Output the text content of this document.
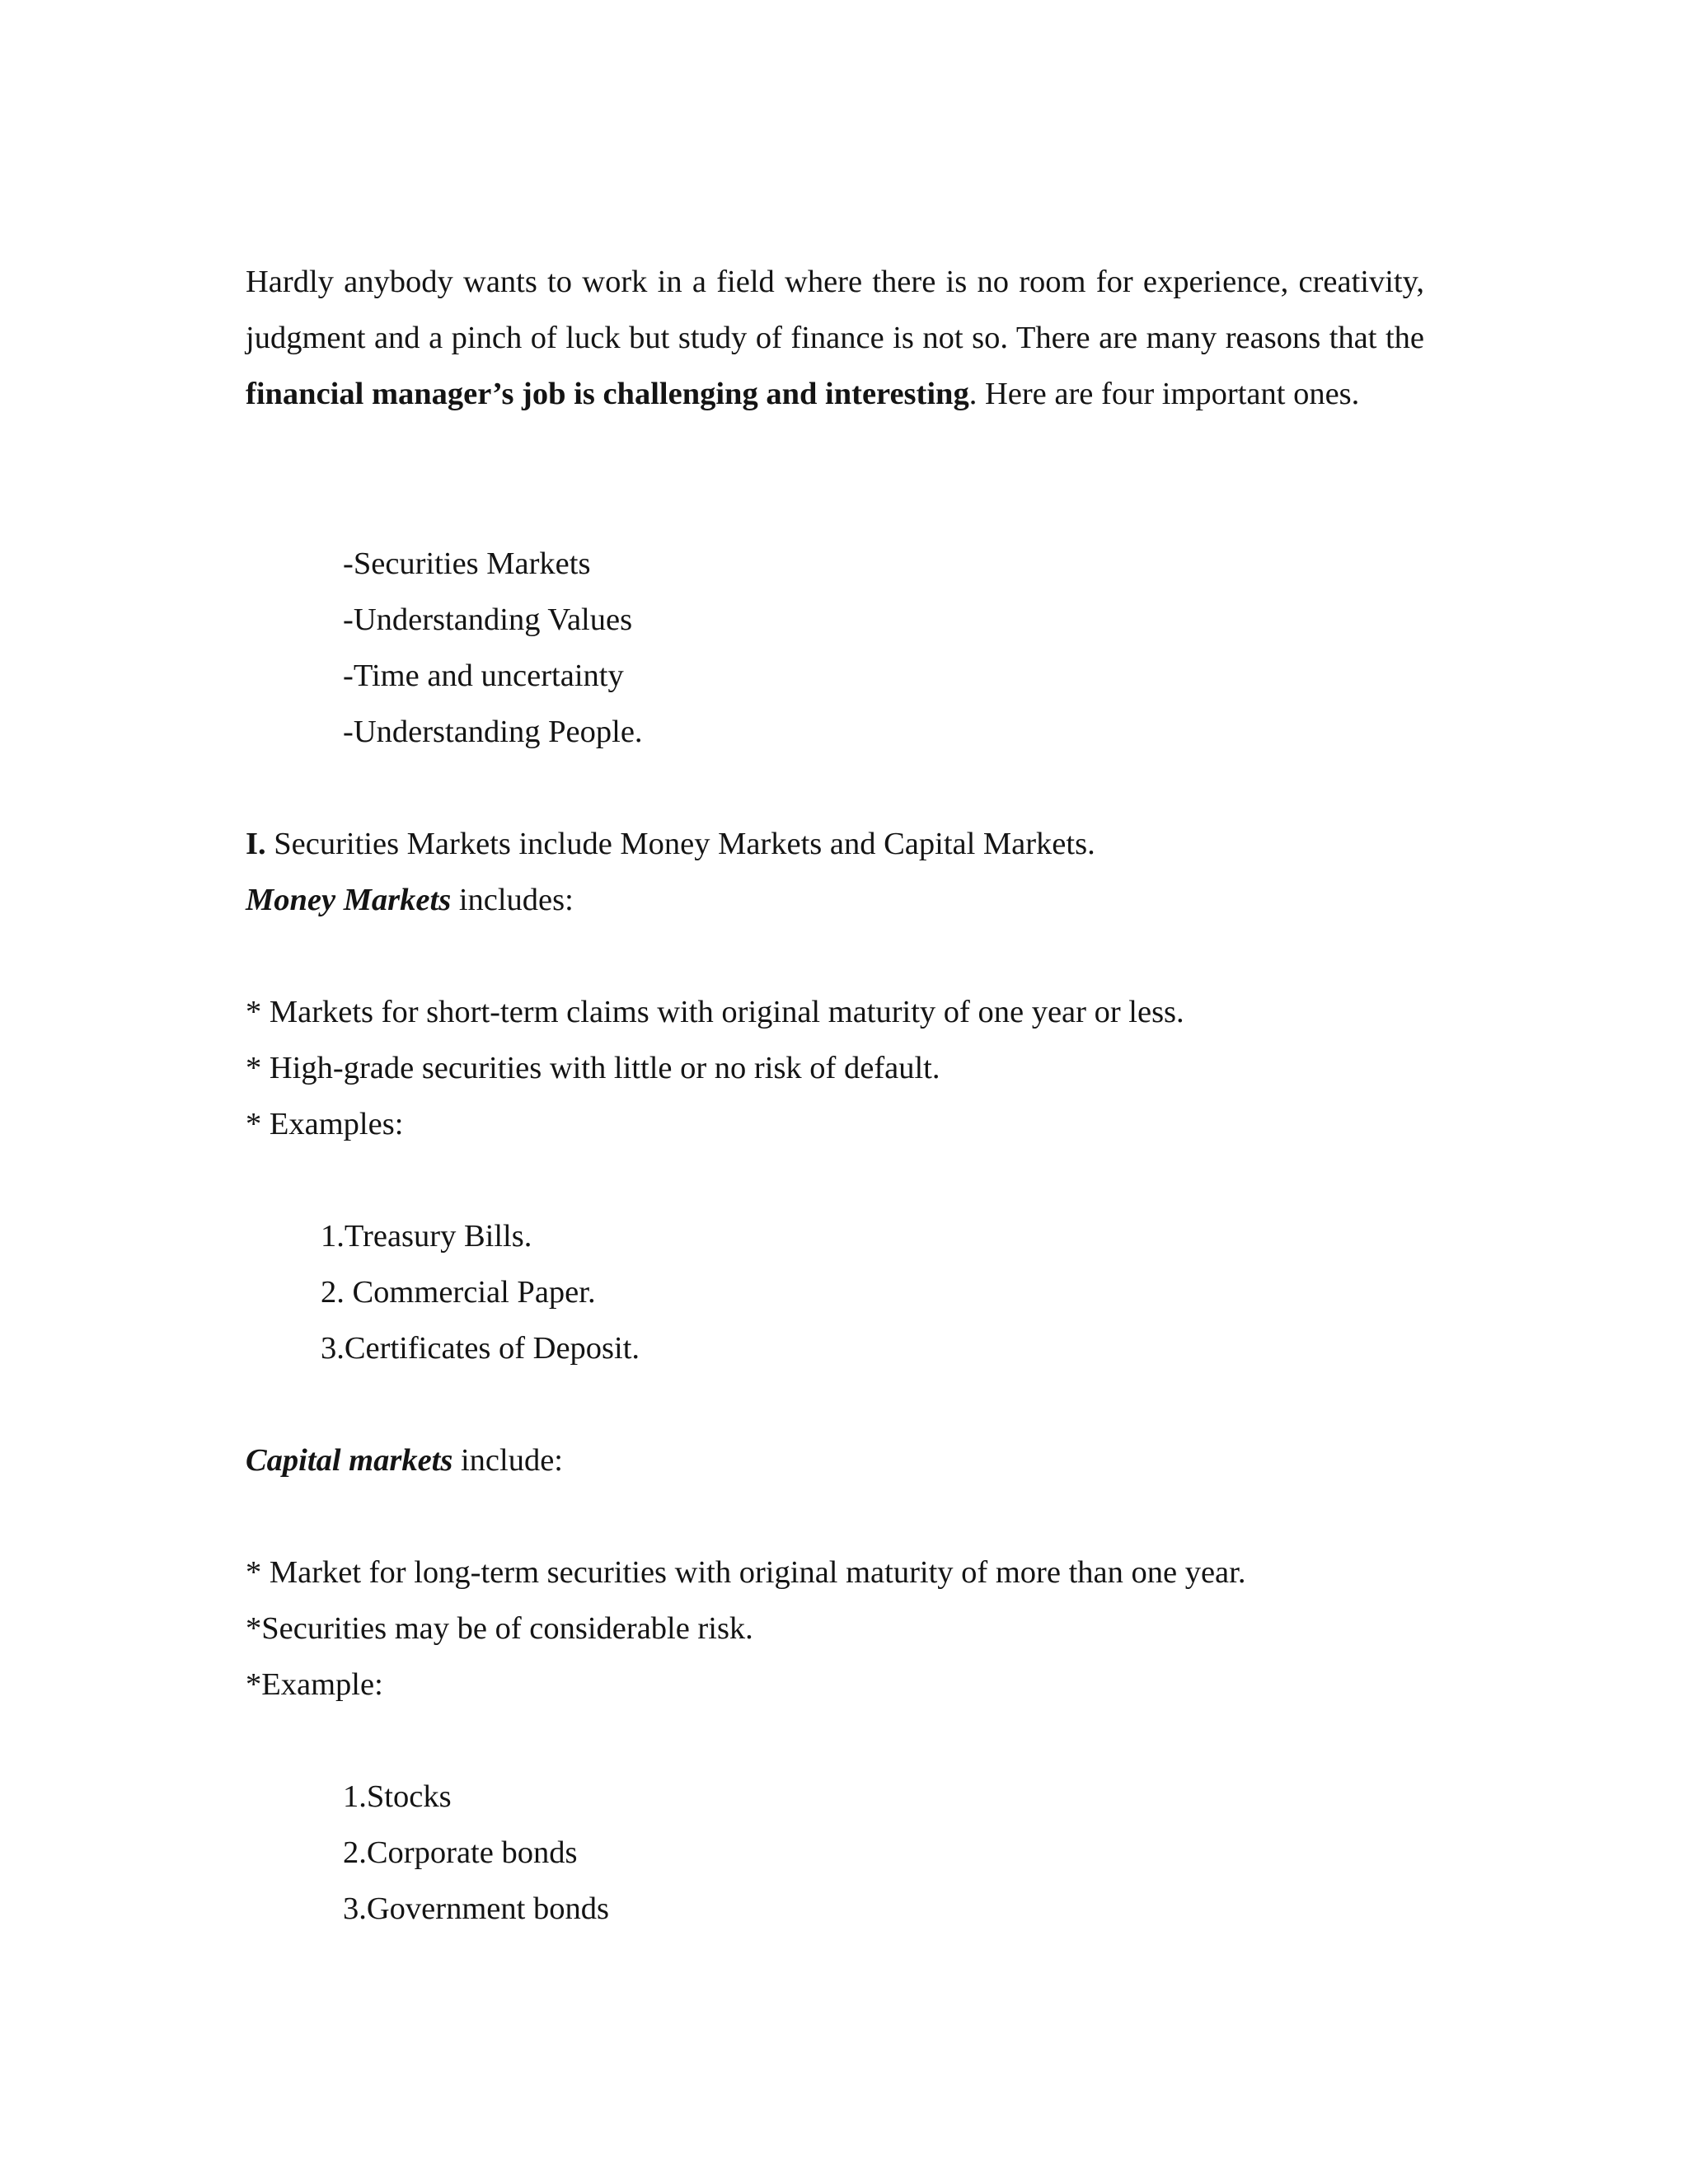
Hardly anybody wants to work in a field where there is no room for experience, creativity, judgment and a pinch of luck but study of finance is not so. There are many reasons that the financial manager’s job is challenging and interesting. Here are four important ones.

-Securities Markets
-Understanding Values
-Time and uncertainty
-Understanding People.
I. Securities Markets include Money Markets and Capital Markets.
Money Markets includes:
* Markets for short-term claims with original maturity of one year or less.
* High-grade securities with little or no risk of default.
* Examples:
1.Treasury Bills.
2. Commercial Paper.
3.Certificates of Deposit.
Capital markets include:
* Market for long-term securities with original maturity of more than one year.
*Securities may be of considerable risk.
*Example:
1.Stocks
2.Corporate bonds
3.Government bonds
